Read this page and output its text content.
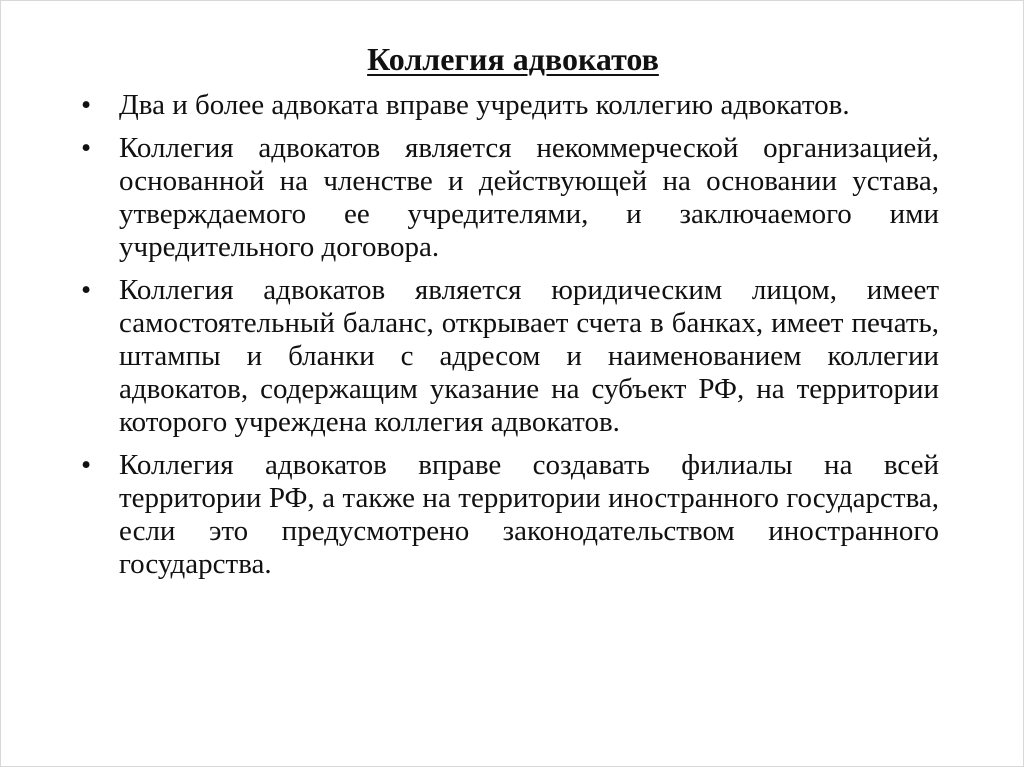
Коллегия адвокатов
• Два и более адвоката вправе учредить коллегию адвокатов.
• Коллегия адвокатов является некоммерческой организацией, основанной на членстве и действующей на основании устава, утверждаемого ее учредителями, и заключаемого ими учредительного договора.
• Коллегия адвокатов является юридическим лицом, имеет самостоятельный баланс, открывает счета в банках, имеет печать, штампы и бланки с адресом и наименованием коллегии адвокатов, содержащим указание на субъект РФ, на территории которого учреждена коллегия адвокатов.
• Коллегия адвокатов вправе создавать филиалы на всей территории РФ, а также на территории иностранного государства, если это предусмотрено законодательством иностранного государства.
